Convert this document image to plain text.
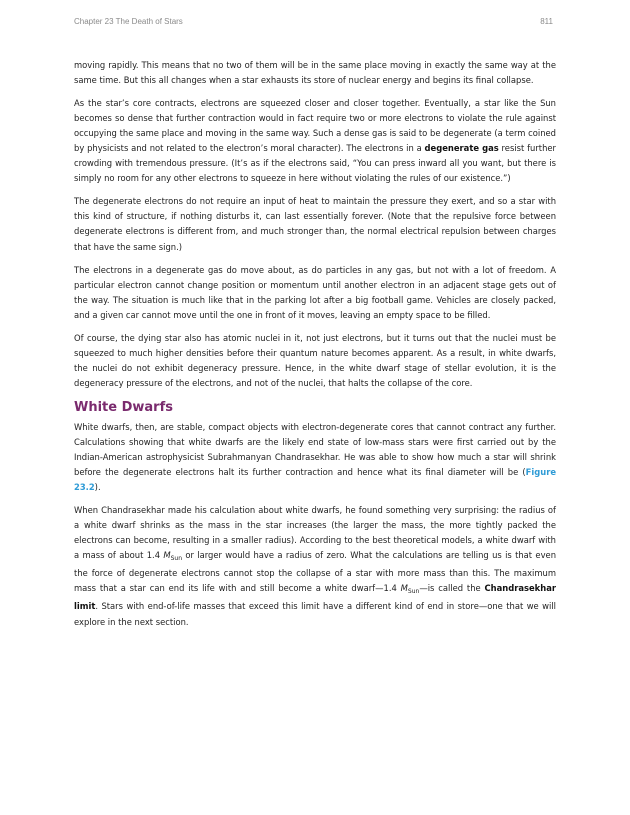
Chapter 23 The Death of Stars	811

moving rapidly. This means that no two of them will be in the same place moving in exactly the same way at the same time. But this all changes when a star exhausts its store of nuclear energy and begins its final collapse.

As the star’s core contracts, electrons are squeezed closer and closer together. Eventually, a star like the Sun becomes so dense that further contraction would in fact require two or more electrons to violate the rule against occupying the same place and moving in the same way. Such a dense gas is said to be degenerate (a term coined by physicists and not related to the electron’s moral character). The electrons in a degenerate gas resist further crowding with tremendous pressure. (It’s as if the electrons said, “You can press inward all you want, but there is simply no room for any other electrons to squeeze in here without violating the rules of our existence.”)

The degenerate electrons do not require an input of heat to maintain the pressure they exert, and so a star with this kind of structure, if nothing disturbs it, can last essentially forever. (Note that the repulsive force between degenerate electrons is different from, and much stronger than, the normal electrical repulsion between charges that have the same sign.)

The electrons in a degenerate gas do move about, as do particles in any gas, but not with a lot of freedom. A particular electron cannot change position or momentum until another electron in an adjacent stage gets out of the way. The situation is much like that in the parking lot after a big football game. Vehicles are closely packed, and a given car cannot move until the one in front of it moves, leaving an empty space to be filled.

Of course, the dying star also has atomic nuclei in it, not just electrons, but it turns out that the nuclei must be squeezed to much higher densities before their quantum nature becomes apparent. As a result, in white dwarfs, the nuclei do not exhibit degeneracy pressure. Hence, in the white dwarf stage of stellar evolution, it is the degeneracy pressure of the electrons, and not of the nuclei, that halts the collapse of the core.

White Dwarfs

White dwarfs, then, are stable, compact objects with electron-degenerate cores that cannot contract any further. Calculations showing that white dwarfs are the likely end state of low-mass stars were first carried out by the Indian-American astrophysicist Subrahmanyan Chandrasekhar. He was able to show how much a star will shrink before the degenerate electrons halt its further contraction and hence what its final diameter will be (Figure 23.2).

When Chandrasekhar made his calculation about white dwarfs, he found something very surprising: the radius of a white dwarf shrinks as the mass in the star increases (the larger the mass, the more tightly packed the electrons can become, resulting in a smaller radius). According to the best theoretical models, a white dwarf with a mass of about 1.4 $M_{Sun}$ or larger would have a radius of zero. What the calculations are telling us is that even the force of degenerate electrons cannot stop the collapse of a star with more mass than this. The maximum mass that a star can end its life with and still become a white dwarf—1.4 $M_{Sun}—is$ called the Chandrasekhar limit. Stars with end-of-life masses that exceed this limit have a different kind of end in store—one that we will explore in the next section.
